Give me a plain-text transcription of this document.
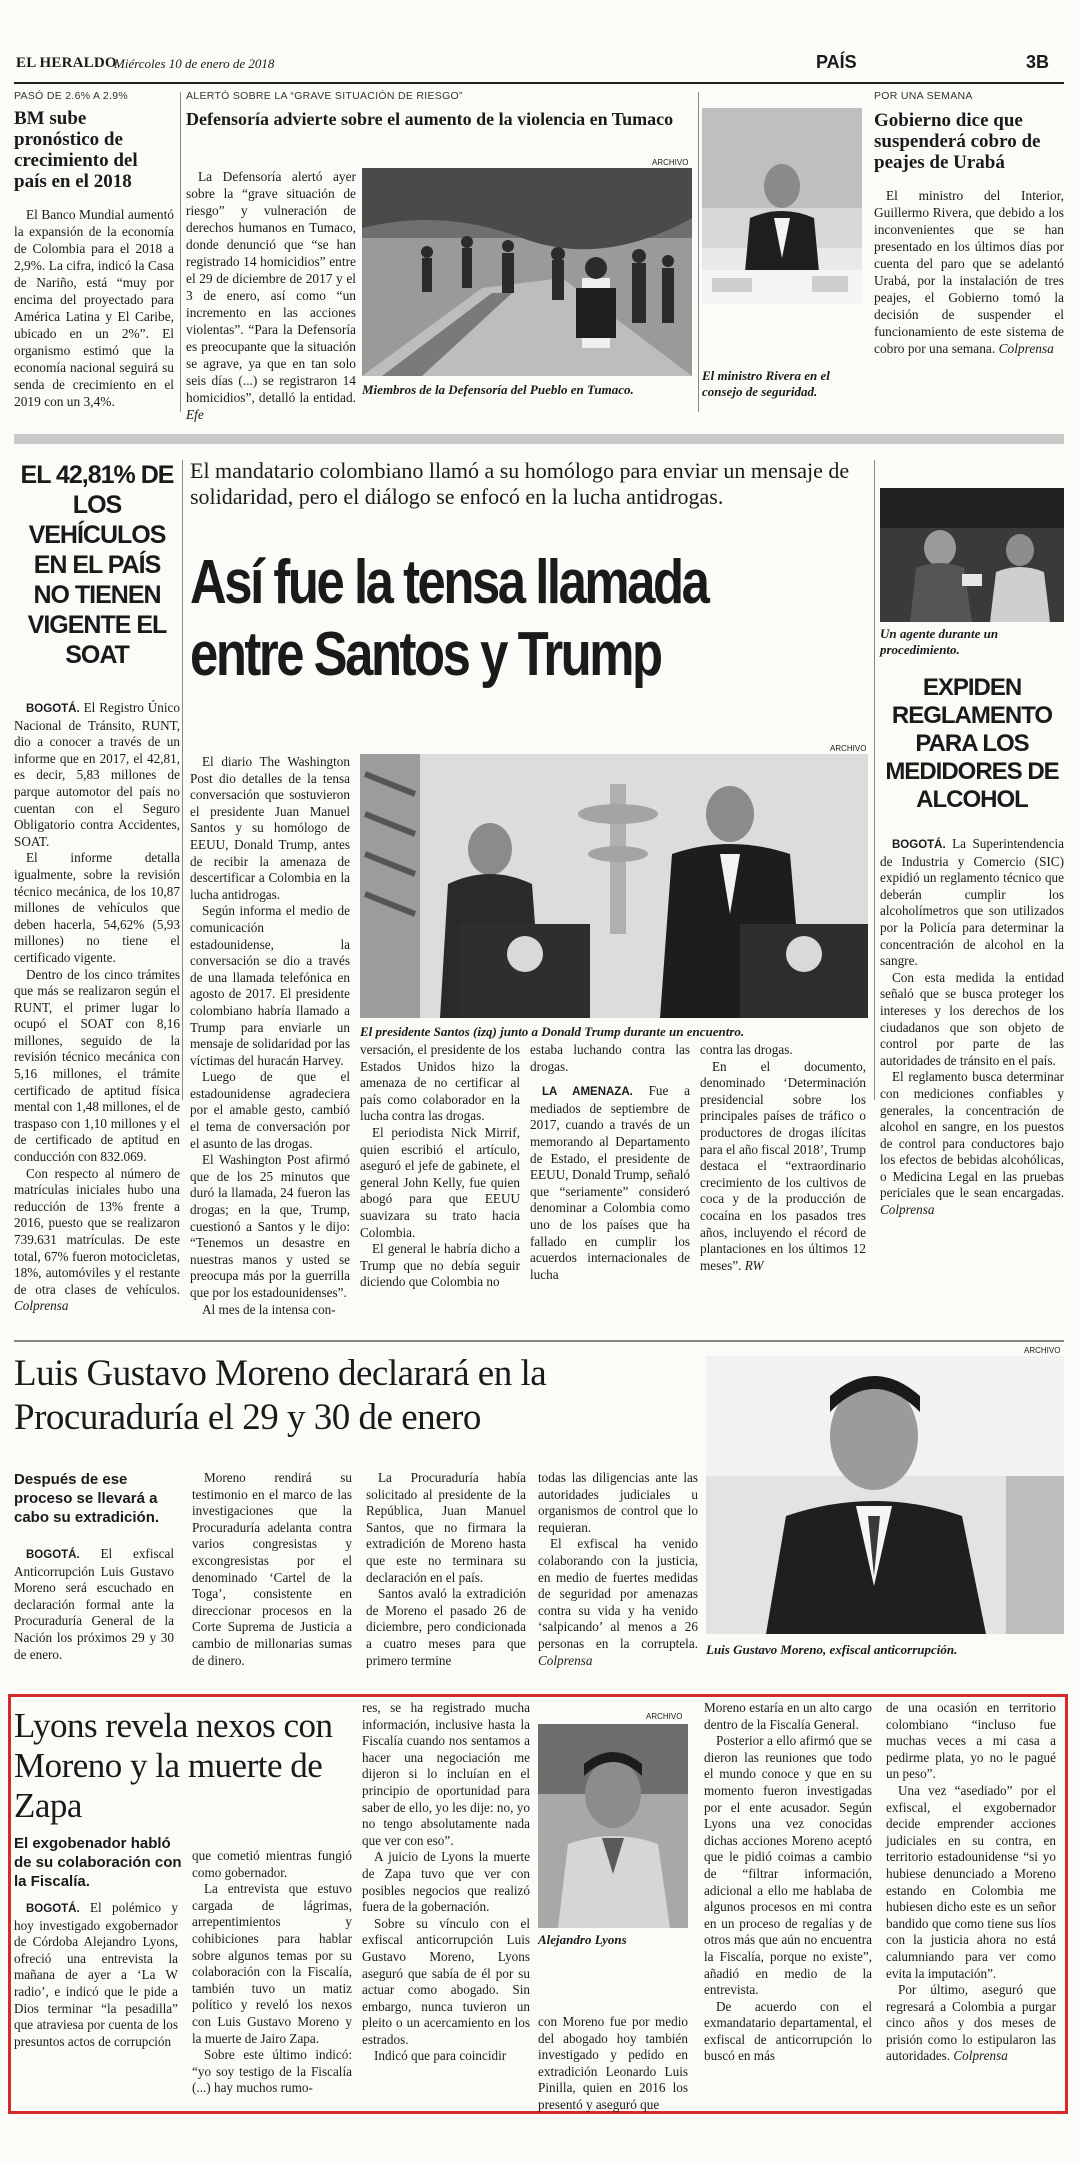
EL HERALDO
Miércoles 10 de enero de 2018	PAÍS	3B
PASÓ DE 2.6% A 2.9%
BM sube pronóstico de crecimiento del país en el 2018

El Banco Mundial aumentó la expansión de la economía de Colombia para el 2018 a 2,9%. La cifra, indicó la Casa de Nariño, está “muy por encima del proyectado para América Latina y El Caribe, ubicado en un 2%”. El organismo estimó que la economía nacional seguirá su senda de crecimiento en el 2019 con un 3,4%.

ALERTÓ SOBRE LA “GRAVE SITUACIÓN DE RIESGO”
Defensoría advierte sobre el aumento de la violencia en Tumaco

La Defensoría alertó ayer sobre la “grave situación de riesgo” y vulneración de derechos humanos en Tumaco, donde denunció que “se han registrado 14 homicidios” entre el 29 de diciembre de 2017 y el 3 de enero, así como “un incremento en las acciones violentas”. “Para la Defensoría es preocupante que la situación se agrave, ya que en tan solo seis días (...) se registraron 14 homicidios”, detalló la entidad. Efe

ARCHIVO
Miembros de la Defensoría del Pueblo en Tumaco.
El ministro Rivera en el consejo de seguridad.
POR UNA SEMANA
Gobierno dice que suspenderá cobro de peajes de Urabá

El ministro del Interior, Guillermo Rivera, que debido a los inconvenientes que se han presentado en los últimos días por cuenta del paro que se adelantó Urabá, por la instalación de tres peajes, el Gobierno tomó la decisión de suspender el funcionamiento de este sistema de cobro por una semana. Colprensa

EL 42,81% DE LOS VEHÍCULOS EN EL PAÍS NO TIENEN VIGENTE EL SOAT

BOGOTÁ. El Registro Único Nacional de Tránsito, RUNT, dio a conocer a través de un informe que en 2017, el 42,81, es decir, 5,83 millones de parque automotor del país no cuentan con el Seguro Obligatorio contra Accidentes, SOAT.

El informe detalla igualmente, sobre la revisión técnico mecánica, de los 10,87 millones de vehículos que deben hacerla, 54,62% (5,93 millones) no tiene el certificado vigente.

Dentro de los cinco trámites que más se realizaron según el RUNT, el primer lugar lo ocupó el SOAT con 8,16 millones, seguido de la revisión técnico mecánica con 5,16 millones, el trámite certificado de aptitud física mental con 1,48 millones, el de traspaso con 1,10 millones y el de certificado de aptitud en conducción con 832.069.

Con respecto al número de matrículas iniciales hubo una reducción de 13% frente a 2016, puesto que se realizaron 739.631 matrículas. De este total, 67% fueron motocicletas, 18%, automóviles y el restante de otra clases de vehículos. Colprensa

El mandatario colombiano llamó a su homólogo para enviar un mensaje de solidaridad, pero el diálogo se enfocó en la lucha antidrogas.
Así fue la tensa llamada
entre Santos y Trump
ARCHIVO
El presidente Santos (izq) junto a Donald Trump durante un encuentro.

El diario The Washington Post dio detalles de la tensa conversación que sostuvieron el presidente Juan Manuel Santos y su homólogo de EEUU, Donald Trump, antes de recibir la amenaza de descertificar a Colombia en la lucha antidrogas.

Según informa el medio de comunicación estadounidense, la conversación se dio a través de una llamada telefónica en agosto de 2017. El presidente colombiano habría llamado a Trump para enviarle un mensaje de solidaridad por las víctimas del huracán Harvey.

Luego de que el estadounidense agradeciera por el amable gesto, cambió el tema de conversación por el asunto de las drogas.

El Washington Post afirmó que de los 25 minutos que duró la llamada, 24 fueron las drogas; en la que, Trump, cuestionó a Santos y le dijo: “Tenemos un desastre en nuestras manos y usted se preocupa más por la guerrilla que por los estadounidenses”.

Al mes de la intensa con-

versación, el presidente de los Estados Unidos hizo la amenaza de no certificar al país como colaborador en la lucha contra las drogas.

El periodista Nick Mirrif, quien escribió el artículo, aseguró el jefe de gabinete, el general John Kelly, fue quien abogó para que EEUU suavizara su trato hacia Colombia.

El general le habría dicho a Trump que no debía seguir diciendo que Colombia no

estaba luchando contra las drogas.

LA AMENAZA. Fue a mediados de septiembre de 2017, cuando a través de un memorando al Departamento de Estado, el presidente de EEUU, Donald Trump, señaló que “seriamente” consideró denominar a Colombia como uno de los países que ha fallado en cumplir los acuerdos internacionales de lucha

contra las drogas.

En el documento, denominado ‘Determinación presidencial sobre los principales países de tráfico o productores de drogas ilícitas para el año fiscal 2018’, Trump destaca el “extraordinario crecimiento de los cultivos de coca y de la producción de cocaína en los pasados tres años, incluyendo el récord de plantaciones en los últimos 12 meses”. RW

Un agente durante un procedimiento.
EXPIDEN REGLAMENTO PARA LOS MEDIDORES DE ALCOHOL

BOGOTÁ. La Superintendencia de Industria y Comercio (SIC) expidió un reglamento técnico que deberán cumplir los alcoholímetros que son utilizados por la Policía para determinar la concentración de alcohol en la sangre.

Con esta medida la entidad señaló que se busca proteger los intereses y los derechos de los ciudadanos que son objeto de control por parte de las autoridades de tránsito en el país.

El reglamento busca determinar con mediciones confiables y generales, la concentración de alcohol en sangre, en los puestos de control para conductores bajo los efectos de bebidas alcohólicas, o Medicina Legal en las pruebas periciales que le sean encargadas. Colprensa

Luis Gustavo Moreno declarará en la Procuraduría el 29 y 30 de enero
Después de ese proceso se llevará a cabo su extradición.

BOGOTÁ. El exfiscal Anticorrupción Luis Gustavo Moreno será escuchado en declaración formal ante la Procuraduría General de la Nación los próximos 29 y 30 de enero.

Moreno rendirá su testimonio en el marco de las investigaciones que la Procuraduría adelanta contra varios congresistas y excongresistas por el denominado ‘Cartel de la Toga’, consistente en direccionar procesos en la Corte Suprema de Justicia a cambio de millonarias sumas de dinero.

La Procuraduría había solicitado al presidente de la República, Juan Manuel Santos, que no firmara la extradición de Moreno hasta que este no terminara su declaración en el país.

Santos avaló la extradición de Moreno el pasado 26 de diciembre, pero condicionada a cuatro meses para que primero termine

todas las diligencias ante las autoridades judiciales u organismos de control que lo requieran.

El exfiscal ha venido colaborando con la justicia, en medio de fuertes medidas de seguridad por amenazas contra su vida y ha venido ‘salpicando’ al menos a 26 personas en la corruptela. Colprensa

ARCHIVO
Luis Gustavo Moreno, exfiscal anticorrupción.
Lyons revela nexos con Moreno y la muerte de Zapa
El exgobenador habló de su colaboración con la Fiscalía.

BOGOTÁ. El polémico y hoy investigado exgobernador de Córdoba Alejandro Lyons, ofreció una entrevista la mañana de ayer a ‘La W radio’, e indicó que le pide a Dios terminar “la pesadilla” que atraviesa por cuenta de los presuntos actos de corrupción

que cometió mientras fungió como gobernador.

La entrevista que estuvo cargada de lágrimas, arrepentimientos y cohibiciones para hablar sobre algunos temas por su colaboración con la Fiscalía, también tuvo un matiz político y reveló los nexos con Luis Gustavo Moreno y la muerte de Jairo Zapa.

Sobre este último indicó: “yo soy testigo de la Fiscalía (...) hay muchos rumo-

res, se ha registrado mucha información, inclusive hasta la Fiscalía cuando nos sentamos a hacer una negociación me dijeron si lo incluían en el principio de oportunidad para saber de ello, yo les dije: no, yo no tengo absolutamente nada que ver con eso”.

A juicio de Lyons la muerte de Zapa tuvo que ver con posibles negocios que realizó fuera de la gobernación.

Sobre su vínculo con el exfiscal anticorrupción Luis Gustavo Moreno, Lyons aseguró que sabía de él por su actuar como abogado. Sin embargo, nunca tuvieron un pleito o un acercamiento en los estrados.

Indicó que para coincidir

ARCHIVO
Alejandro Lyons

con Moreno fue por medio del abogado hoy también investigado y pedido en extradición Leonardo Luis Pinilla, quien en 2016 los presentó y aseguró que

Moreno estaría en un alto cargo dentro de la Fiscalía General.

Posterior a ello afirmó que se dieron las reuniones que todo el mundo conoce y que en su momento fueron investigadas por el ente acusador. Según Lyons una vez conocidas dichas acciones Moreno aceptó que le pidió coimas a cambio de “filtrar información, adicional a ello me hablaba de algunos procesos en mi contra en un proceso de regalías y de otros más que aún no encuentra la Fiscalía, porque no existe”, añadió en medio de la entrevista.

De acuerdo con el exmandatario departamental, el exfiscal de anticorrupción lo buscó en más

de una ocasión en territorio colombiano “incluso fue muchas veces a mi casa a pedirme plata, yo no le pagué un peso”.

Una vez “asediado” por el exfiscal, el exgobernador decide emprender acciones judiciales en su contra, en territorio estadounidense “si yo hubiese denunciado a Moreno estando en Colombia me hubiesen dicho este es un señor bandido que como tiene sus líos con la justicia ahora no está calumniando para ver como evita la imputación”.

Por último, aseguró que regresará a Colombia a purgar cinco años y dos meses de prisión como lo estipularon las autoridades. Colprensa
